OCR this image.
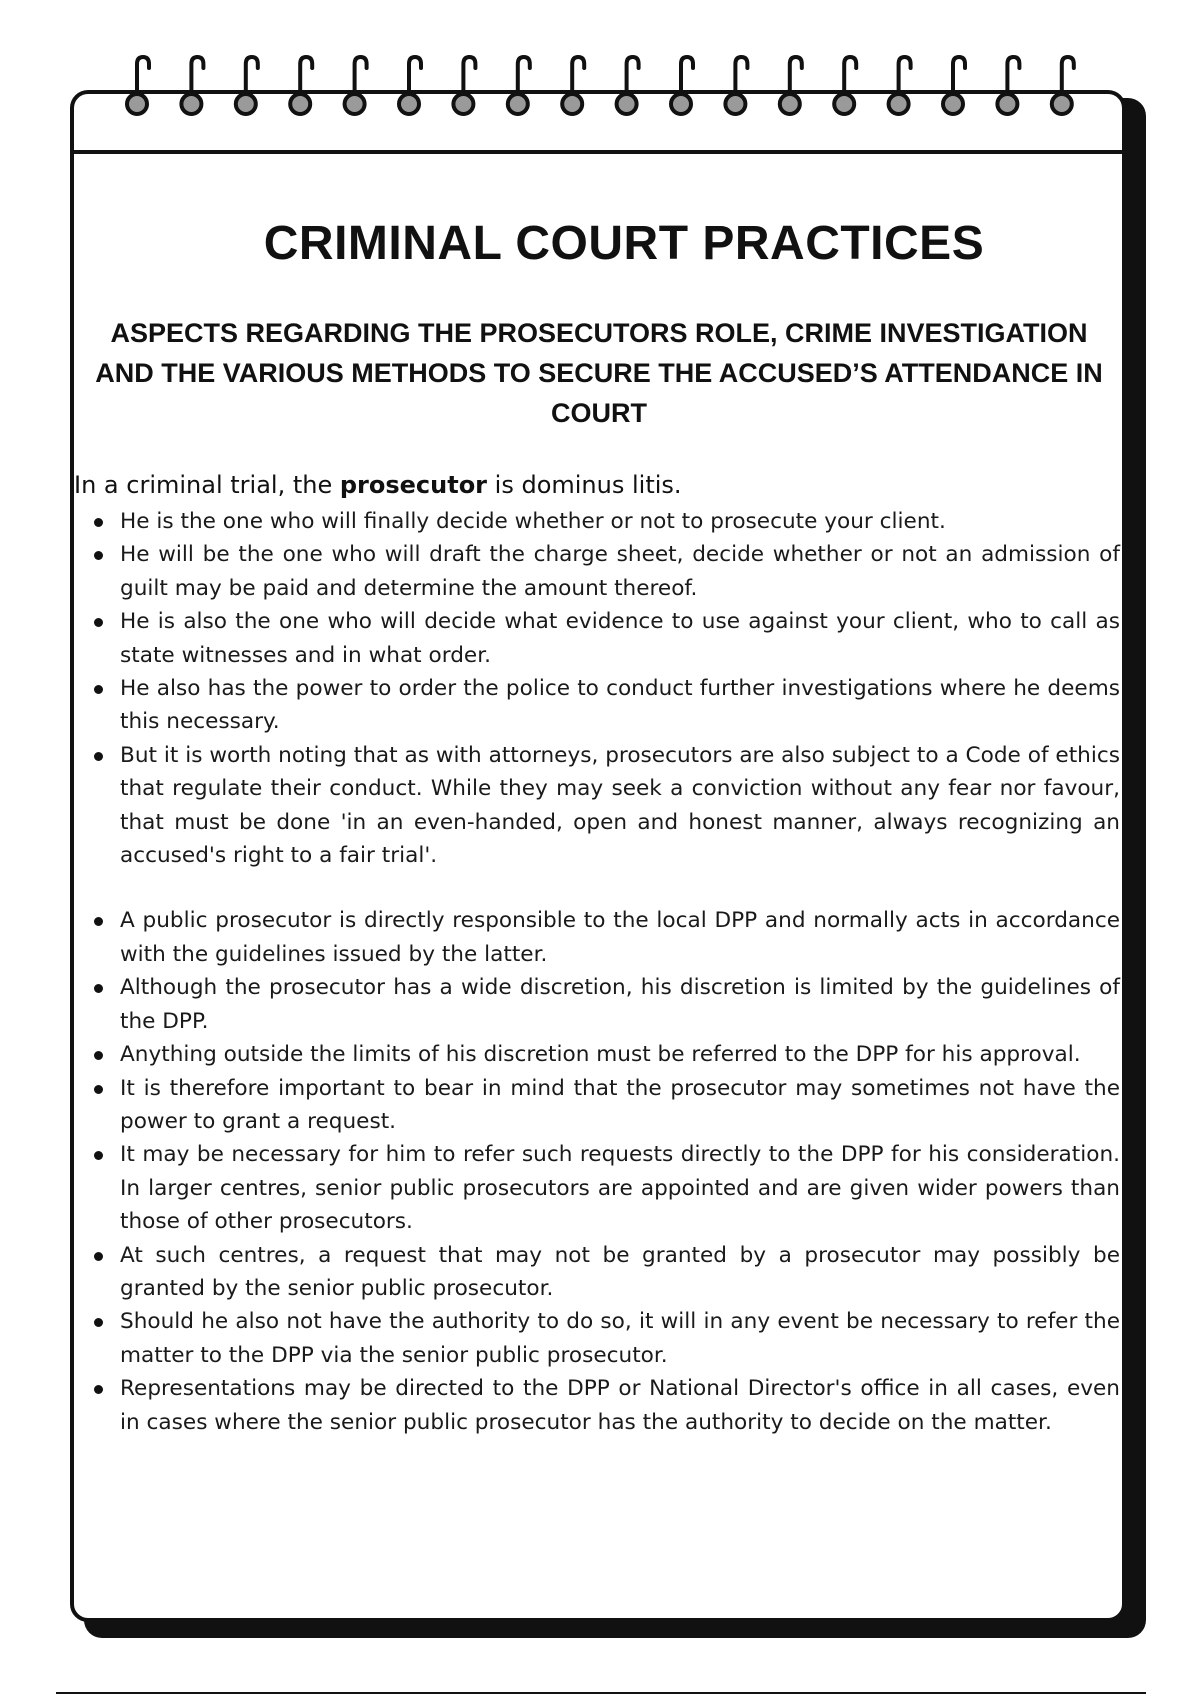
CRIMINAL COURT PRACTICES
ASPECTS REGARDING THE PROSECUTORS ROLE, CRIME INVESTIGATION AND THE VARIOUS METHODS TO SECURE THE ACCUSED’S ATTENDANCE IN COURT

In a criminal trial, the prosecutor is dominus litis.

He is the one who will finally decide whether or not to prosecute your client.
He will be the one who will draft the charge sheet, decide whether or not an admission of guilt may be paid and determine the amount thereof.
He is also the one who will decide what evidence to use against your client, who to call as state witnesses and in what order.
He also has the power to order the police to conduct further investigations where he deems this necessary.
But it is worth noting that as with attorneys, prosecutors are also subject to a Code of ethics that regulate their conduct. While they may seek a conviction without any fear nor favour, that must be done 'in an even-handed, open and honest manner, always recognizing an accused's right to a fair trial'.
A public prosecutor is directly responsible to the local DPP and normally acts in accordance with the guidelines issued by the latter.
Although the prosecutor has a wide discretion, his discretion is limited by the guidelines of the DPP.
Anything outside the limits of his discretion must be referred to the DPP for his approval.
It is therefore important to bear in mind that the prosecutor may sometimes not have the power to grant a request.
It may be necessary for him to refer such requests directly to the DPP for his consideration. In larger centres, senior public prosecutors are appointed and are given wider powers than those of other prosecutors.
At such centres, a request that may not be granted by a prosecutor may possibly be granted by the senior public prosecutor.
Should he also not have the authority to do so, it will in any event be necessary to refer the matter to the DPP via the senior public prosecutor.
Representations may be directed to the DPP or National Director's office in all cases, even in cases where the senior public prosecutor has the authority to decide on the matter.
